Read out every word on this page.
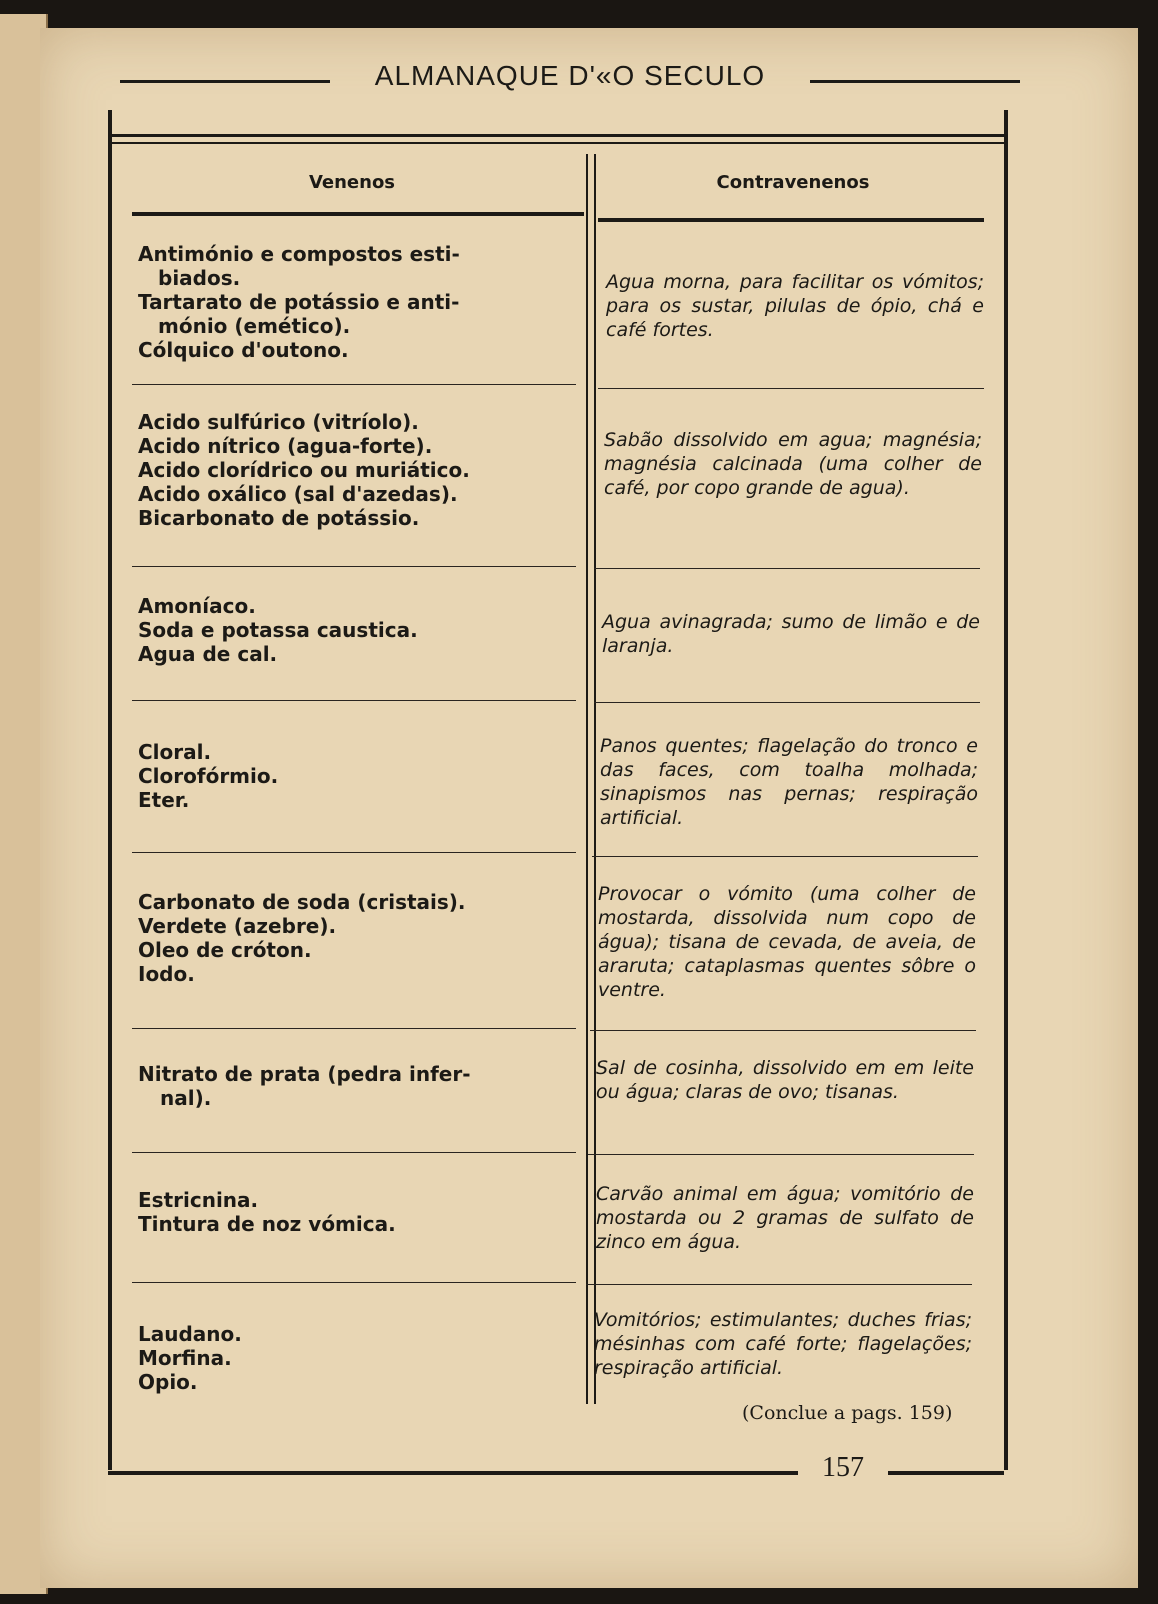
ALMANAQUE D'«O SECULO
Venenos	Contravenenos
Antimónio e compostos esti-
biados.
Tartarato de potássio e anti-
mónio (emético).
Cólquico d'outono.
Agua morna, para facilitar os vómitos; para os sustar, pilulas de ópio, chá e café fortes.
Acido sulfúrico (vitríolo).
Acido nítrico (agua-forte).
Acido clorídrico ou muriático.
Acido oxálico (sal d'azedas).
Bicarbonato de potássio.
Sabão dissolvido em agua; magnésia; magnésia calcinada (uma colher de café, por copo grande de agua).
Amoníaco.
Soda e potassa caustica.
Agua de cal.
Agua avinagrada; sumo de limão e de laranja.
Cloral.
Clorofórmio.
Eter.
Panos quentes; flagelação do tronco e das faces, com toalha molhada; sinapismos nas pernas; respiração artificial.
Carbonato de soda (cristais).
Verdete (azebre).
Oleo de cróton.
Iodo.
Provocar o vómito (uma colher de mostarda, dissolvida num copo de água); tisana de cevada, de aveia, de araruta; cataplasmas quentes sôbre o ventre.
Nitrato de prata (pedra infer-
nal).
Sal de cosinha, dissolvido em em leite ou água; claras de ovo; tisanas.
Estricnina.
Tintura de noz vómica.
Carvão animal em água; vomitório de mostarda ou 2 gramas de sulfato de zinco em água.
Laudano.
Morfina.
Opio.
Vomitórios; estimulantes; duches frias; mésinhas com café forte; flagelações; respiração artificial.
(Conclue a pags. 159)
157
